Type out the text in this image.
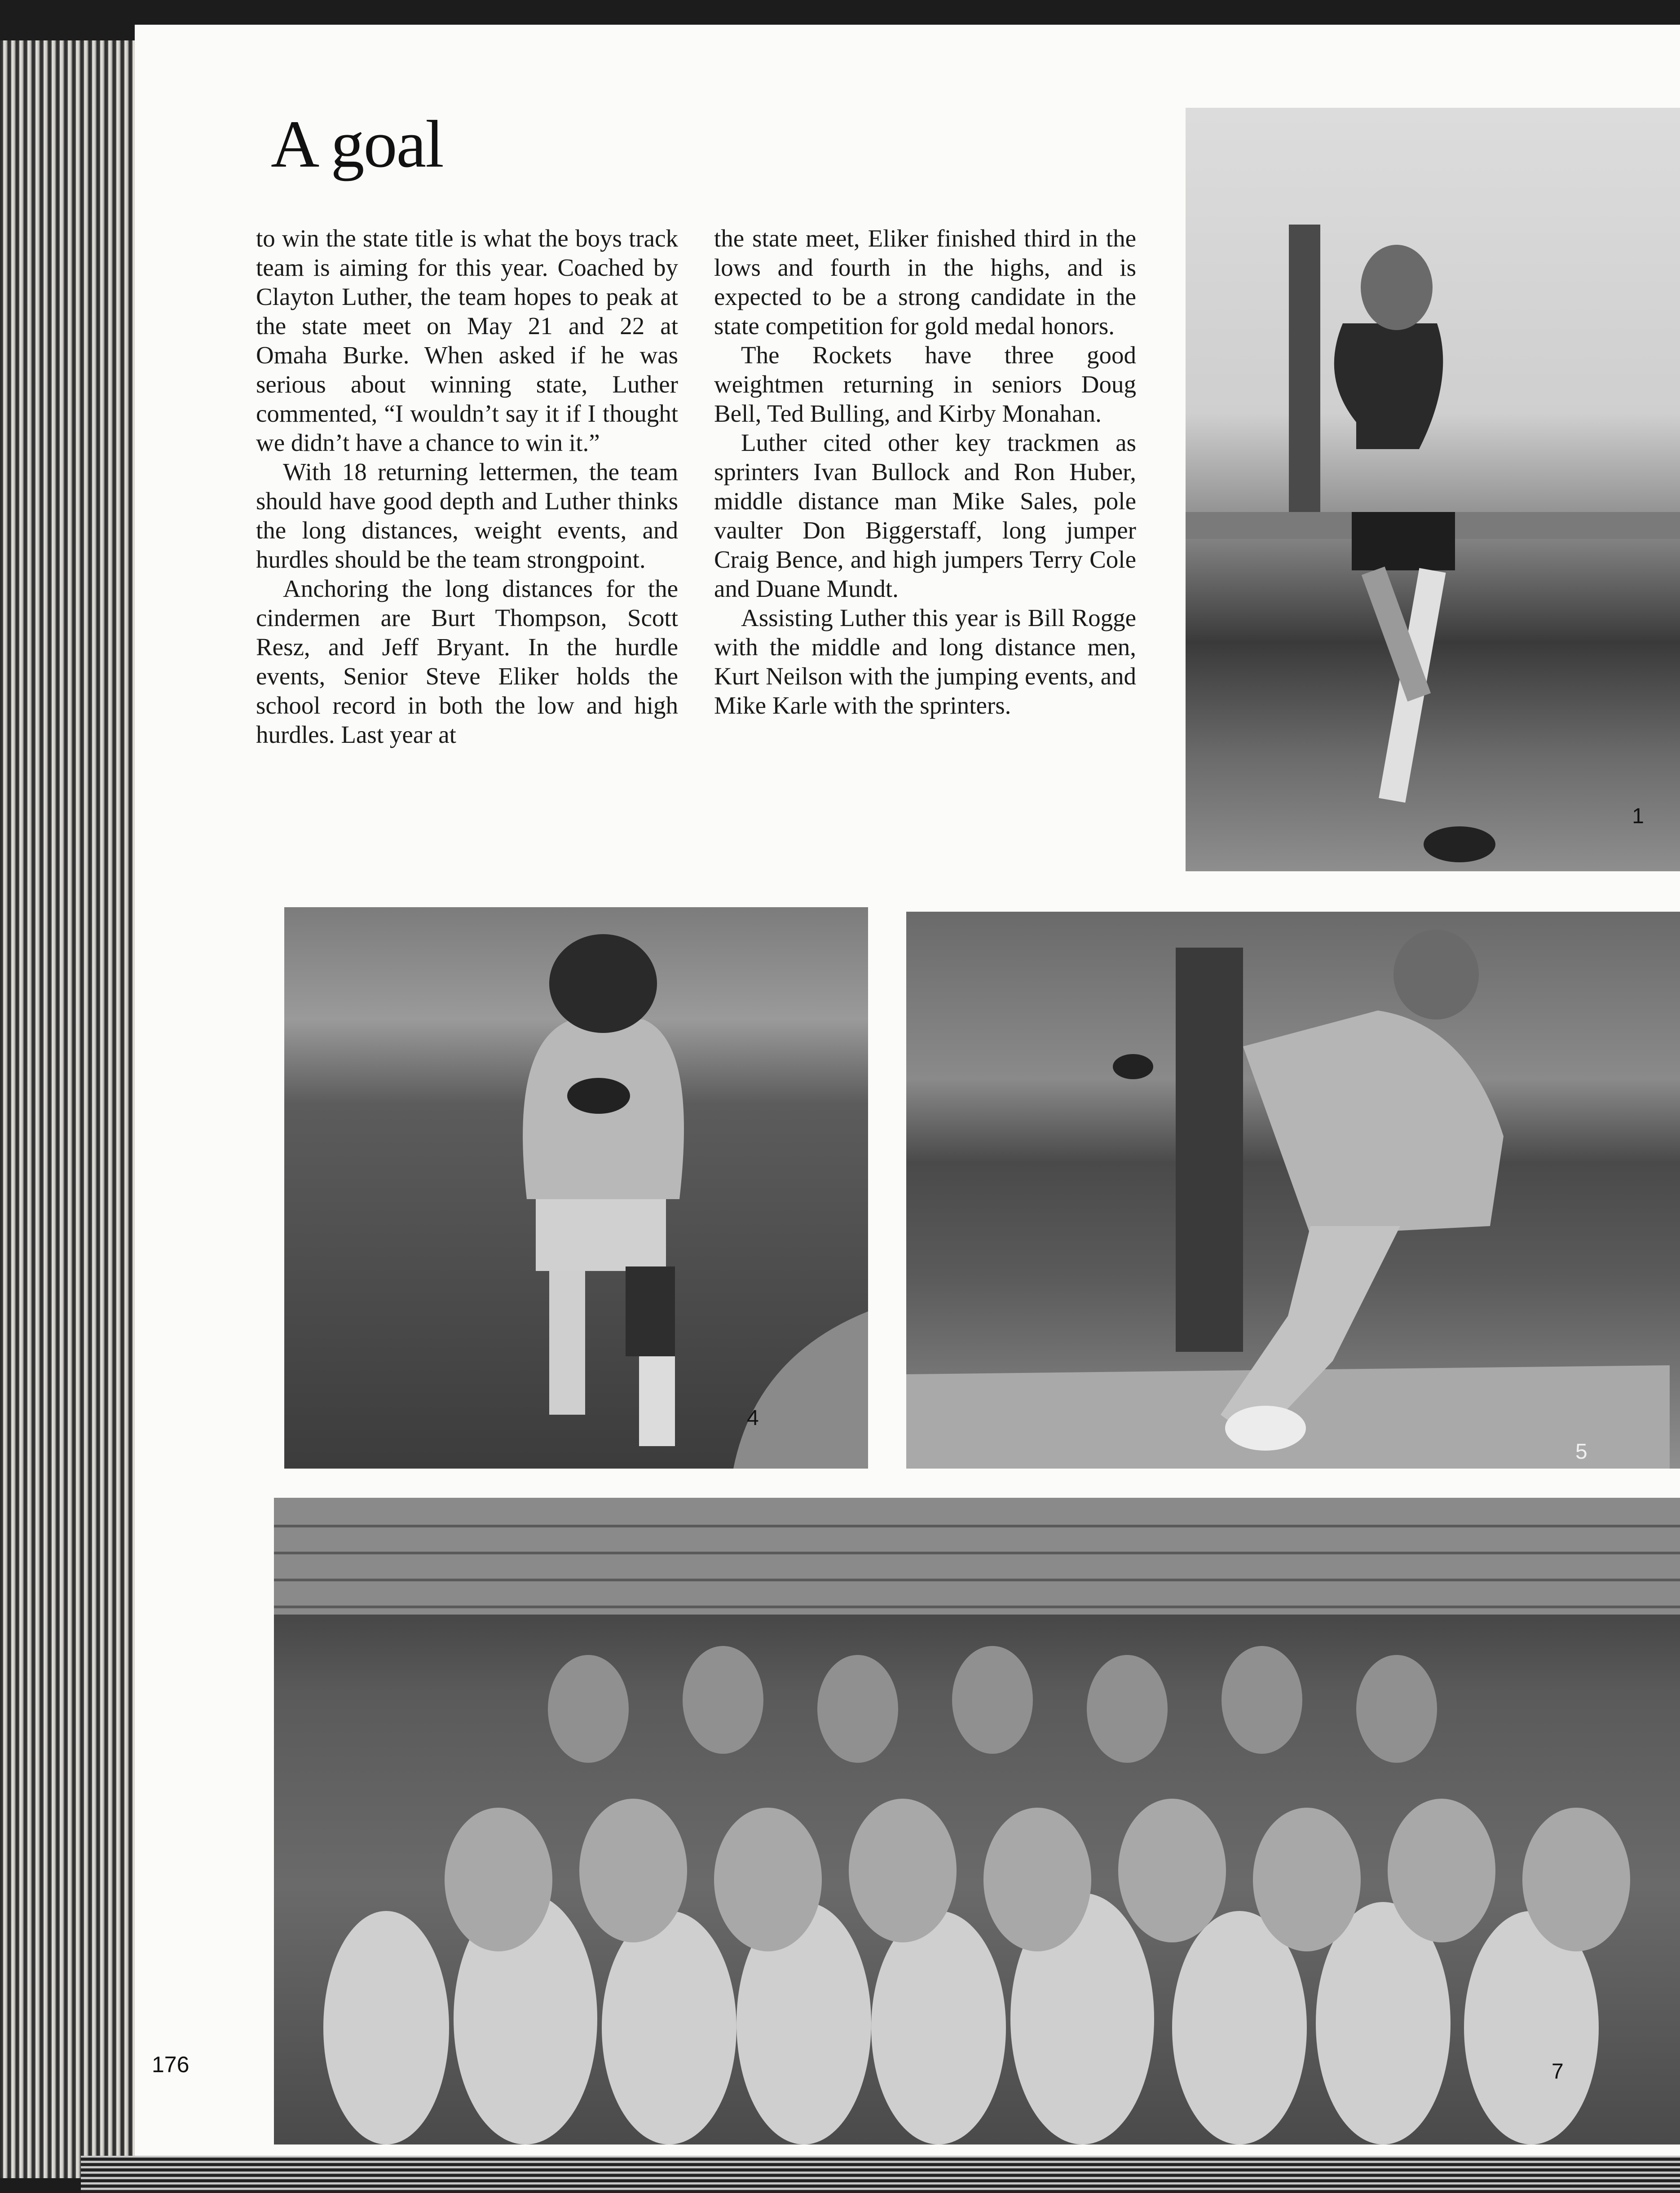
A goal

to win the state title is what the boys track team is aiming for this year. Coached by Clayton Luther, the team hopes to peak at the state meet on May 21 and 22 at Omaha Burke. When asked if he was serious about winning state, Luther commented, “I wouldn’t say it if I thought we didn’t have a chance to win it.”

With 18 returning lettermen, the team should have good depth and Luther thinks the long distances, weight events, and hurdles should be the team strongpoint.

Anchoring the long distances for the cindermen are Burt Thompson, Scott Resz, and Jeff Bryant. In the hurdle events, Senior Steve Eliker holds the school record in both the low and high hurdles. Last year at

the state meet, Eliker finished third in the lows and fourth in the highs, and is expected to be a strong candidate in the state competition for gold medal honors.

The Rockets have three good weightmen returning in seniors Doug Bell, Ted Bulling, and Kirby Monahan.

Luther cited other key trackmen as sprinters Ivan Bullock and Ron Huber, middle distance man Mike Sales, pole vaulter Don Biggerstaff, long jumper Craig Bence, and high jumpers Terry Cole and Duane Mundt.

Assisting Luther this year is Bill Rogge with the middle and long distance men, Kurt Neilson with the jumping events, and Mike Karle with the sprinters.

1
4
5
7
176
